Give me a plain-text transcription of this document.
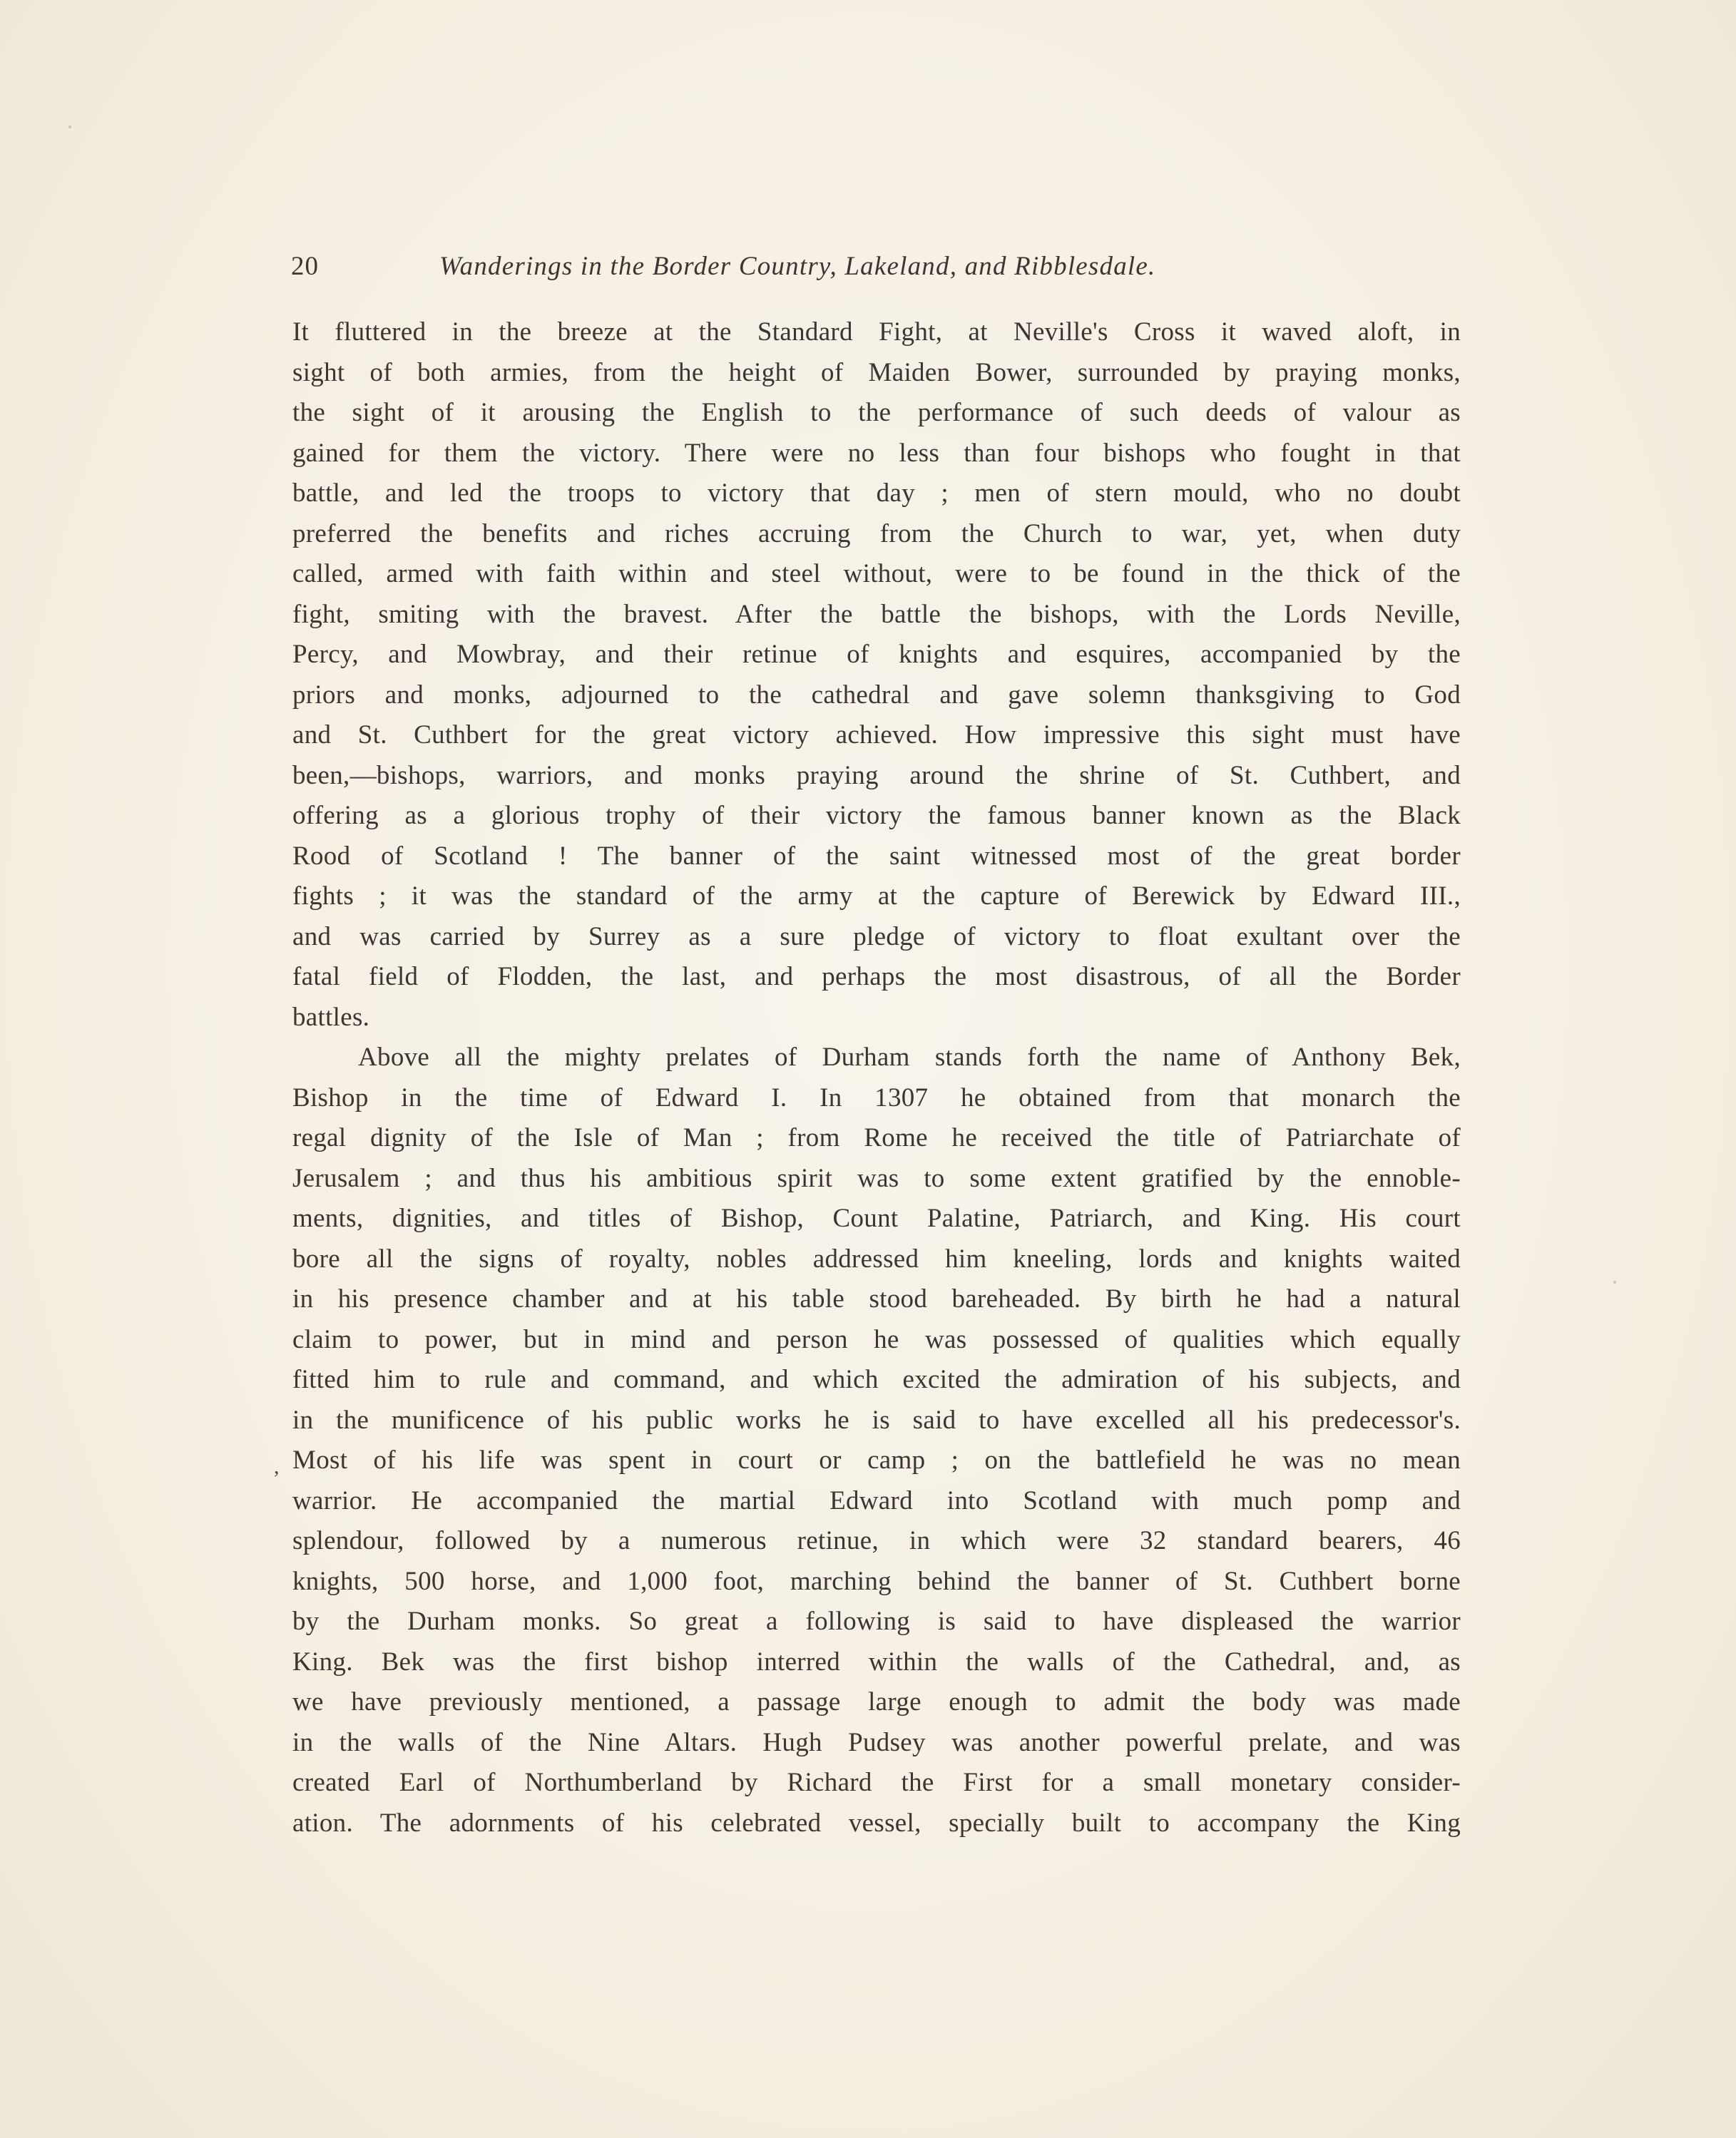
20	Wanderings in the Border Country, Lakeland, and Ribblesdale.
It fluttered in the breeze at the Standard Fight, at Neville's Cross it waved aloft, in
sight of both armies, from the height of Maiden Bower, surrounded by praying monks,
the sight of it arousing the English to the performance of such deeds of valour as
gained for them the victory. There were no less than four bishops who fought in that
battle, and led the troops to victory that day ; men of stern mould, who no doubt
preferred the benefits and riches accruing from the Church to war, yet, when duty
called, armed with faith within and steel without, were to be found in the thick of the
fight, smiting with the bravest. After the battle the bishops, with the Lords Neville,
Percy, and Mowbray, and their retinue of knights and esquires, accompanied by the
priors and monks, adjourned to the cathedral and gave solemn thanksgiving to God
and St. Cuthbert for the great victory achieved. How impressive this sight must have
been,—bishops, warriors, and monks praying around the shrine of St. Cuthbert, and
offering as a glorious trophy of their victory the famous banner known as the Black
Rood of Scotland ! The banner of the saint witnessed most of the great border
fights ; it was the standard of the army at the capture of Berewick by Edward III.,
and was carried by Surrey as a sure pledge of victory to float exultant over the
fatal field of Flodden, the last, and perhaps the most disastrous, of all the Border
battles.
Above all the mighty prelates of Durham stands forth the name of Anthony Bek,
Bishop in the time of Edward I. In 1307 he obtained from that monarch the
regal dignity of the Isle of Man ; from Rome he received the title of Patriarchate of
Jerusalem ; and thus his ambitious spirit was to some extent gratified by the ennoble-
ments, dignities, and titles of Bishop, Count Palatine, Patriarch, and King. His court
bore all the signs of royalty, nobles addressed him kneeling, lords and knights waited
in his presence chamber and at his table stood bareheaded. By birth he had a natural
claim to power, but in mind and person he was possessed of qualities which equally
fitted him to rule and command, and which excited the admiration of his subjects, and
in the munificence of his public works he is said to have excelled all his predecessor's.
Most of his life was spent in court or camp ; on the battlefield he was no mean
warrior. He accompanied the martial Edward into Scotland with much pomp and
splendour, followed by a numerous retinue, in which were 32 standard bearers, 46
knights, 500 horse, and 1,000 foot, marching behind the banner of St. Cuthbert borne
by the Durham monks. So great a following is said to have displeased the warrior
King. Bek was the first bishop interred within the walls of the Cathedral, and, as
we have previously mentioned, a passage large enough to admit the body was made
in the walls of the Nine Altars. Hugh Pudsey was another powerful prelate, and was
created Earl of Northumberland by Richard the First for a small monetary consider-
ation. The adornments of his celebrated vessel, specially built to accompany the King
,
